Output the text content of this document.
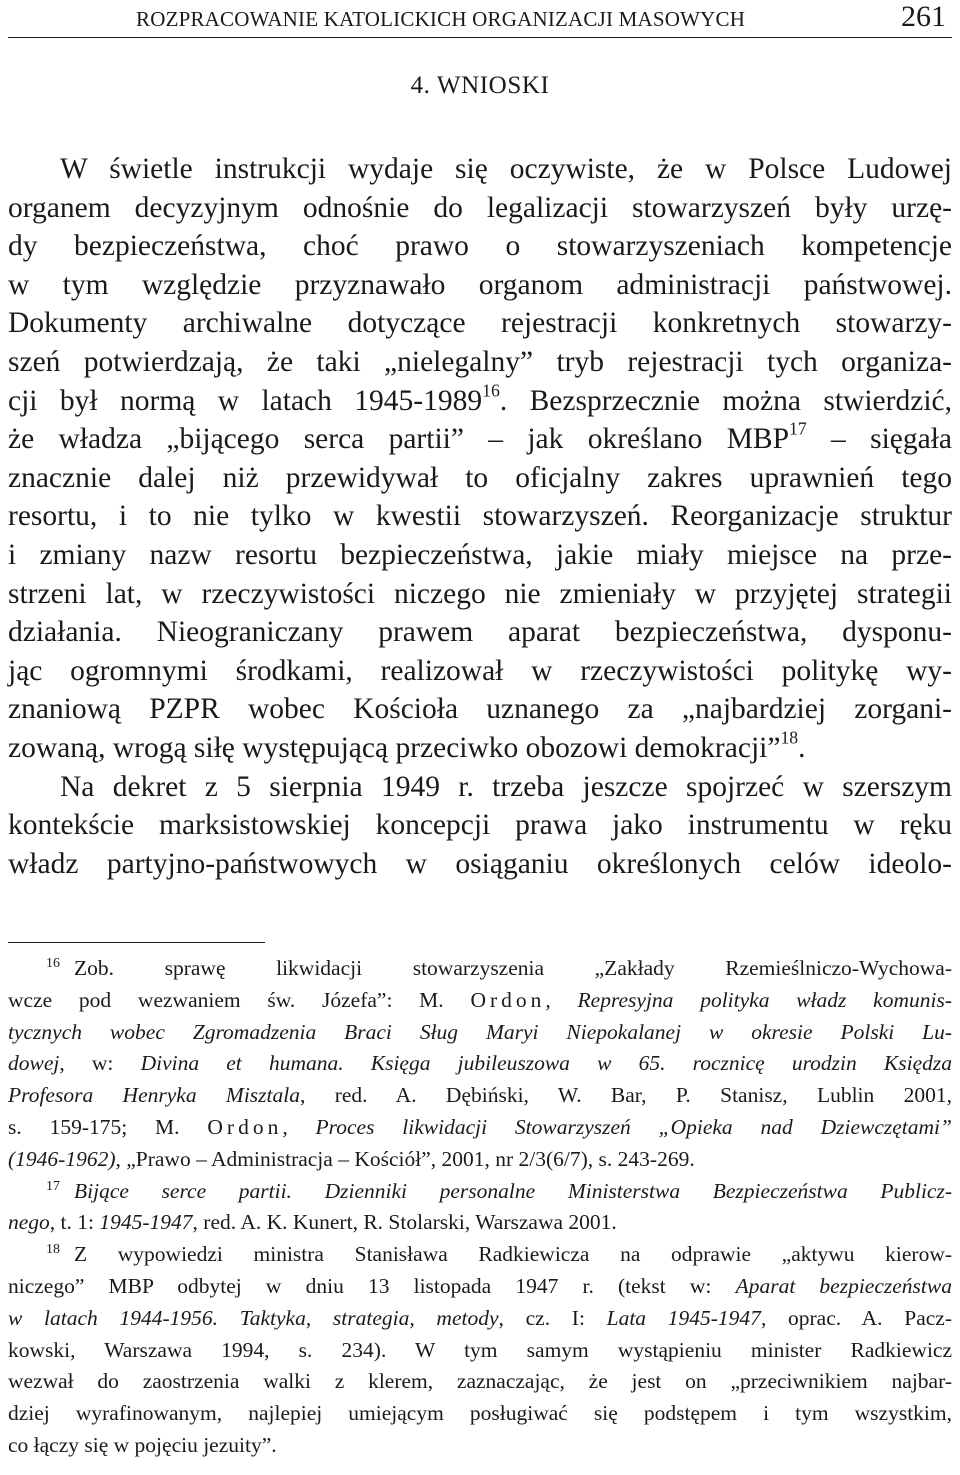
ROZPRACOWANIE KATOLICKICH ORGANIZACJI MASOWYCH	261
4. WNIOSKI
W świetle instrukcji wydaje się oczywiste, że w Polsce Ludowej
organem decyzyjnym odnośnie do legalizacji stowarzyszeń były urzę-
dy bezpieczeństwa, choć prawo o stowarzyszeniach kompetencje
w tym względzie przyznawało organom administracji państwowej.
Dokumenty archiwalne dotyczące rejestracji konkretnych stowarzy-
szeń potwierdzają, że taki „nielegalny” tryb rejestracji tych organiza-
cji był normą w latach 1945-1989$^{16}$. Bezsprzecznie można stwierdzić,
że władza „bijącego serca partii” – jak określano MBP$^{17}$ – sięgała
znacznie dalej niż przewidywał to oficjalny zakres uprawnień tego
resortu, i to nie tylko w kwestii stowarzyszeń. Reorganizacje struktur
i zmiany nazw resortu bezpieczeństwa, jakie miały miejsce na prze-
strzeni lat, w rzeczywistości niczego nie zmieniały w przyjętej strategii
działania. Nieograniczany prawem aparat bezpieczeństwa, dysponu-
jąc ogromnymi środkami, realizował w rzeczywistości politykę wy-
znaniową PZPR wobec Kościoła uznanego za „najbardziej zorgani-
zowaną, wrogą siłę występującą przeciwko obozowi demokracji”$^{18}$.
Na dekret z 5 sierpnia 1949 r. trzeba jeszcze spojrzeć w szerszym
kontekście marksistowskiej koncepcji prawa jako instrumentu w ręku
władz partyjno-państwowych w osiąganiu określonych celów ideolo-
$^{16}$ Zob. sprawę likwidacji stowarzyszenia „Zakłady Rzemieślniczo-Wychowa-
wcze pod wezwaniem św. Józefa”: M. Ordon, Represyjna polityka władz komunis-
tycznych wobec Zgromadzenia Braci Sług Maryi Niepokalanej w okresie Polski Lu-
dowej, w: Divina et humana. Księga jubileuszowa w 65. rocznicę urodzin Księdza
Profesora Henryka Misztala, red. A. Dębiński, W. Bar, P. Stanisz, Lublin 2001,
s. 159-175; M. Ordon, Proces likwidacji Stowarzyszeń „Opieka nad Dziewczętami”
(1946-1962), „Prawo – Administracja – Kościół”, 2001, nr 2/3(6/7), s. 243-269.
$^{17}$ Bijące serce partii. Dzienniki personalne Ministerstwa Bezpieczeństwa Publicz-
nego, t. 1: 1945-1947, red. A. K. Kunert, R. Stolarski, Warszawa 2001.
$^{18}$ Z wypowiedzi ministra Stanisława Radkiewicza na odprawie „aktywu kierow-
niczego” MBP odbytej w dniu 13 listopada 1947 r. (tekst w: Aparat bezpieczeństwa
w latach 1944-1956. Taktyka, strategia, metody, cz. I: Lata 1945-1947, oprac. A. Pacz-
kowski, Warszawa 1994, s. 234). W tym samym wystąpieniu minister Radkiewicz
wezwał do zaostrzenia walki z klerem, zaznaczając, że jest on „przeciwnikiem najbar-
dziej wyrafinowanym, najlepiej umiejącym posługiwać się podstępem i tym wszystkim,
co łączy się w pojęciu jezuity”.
